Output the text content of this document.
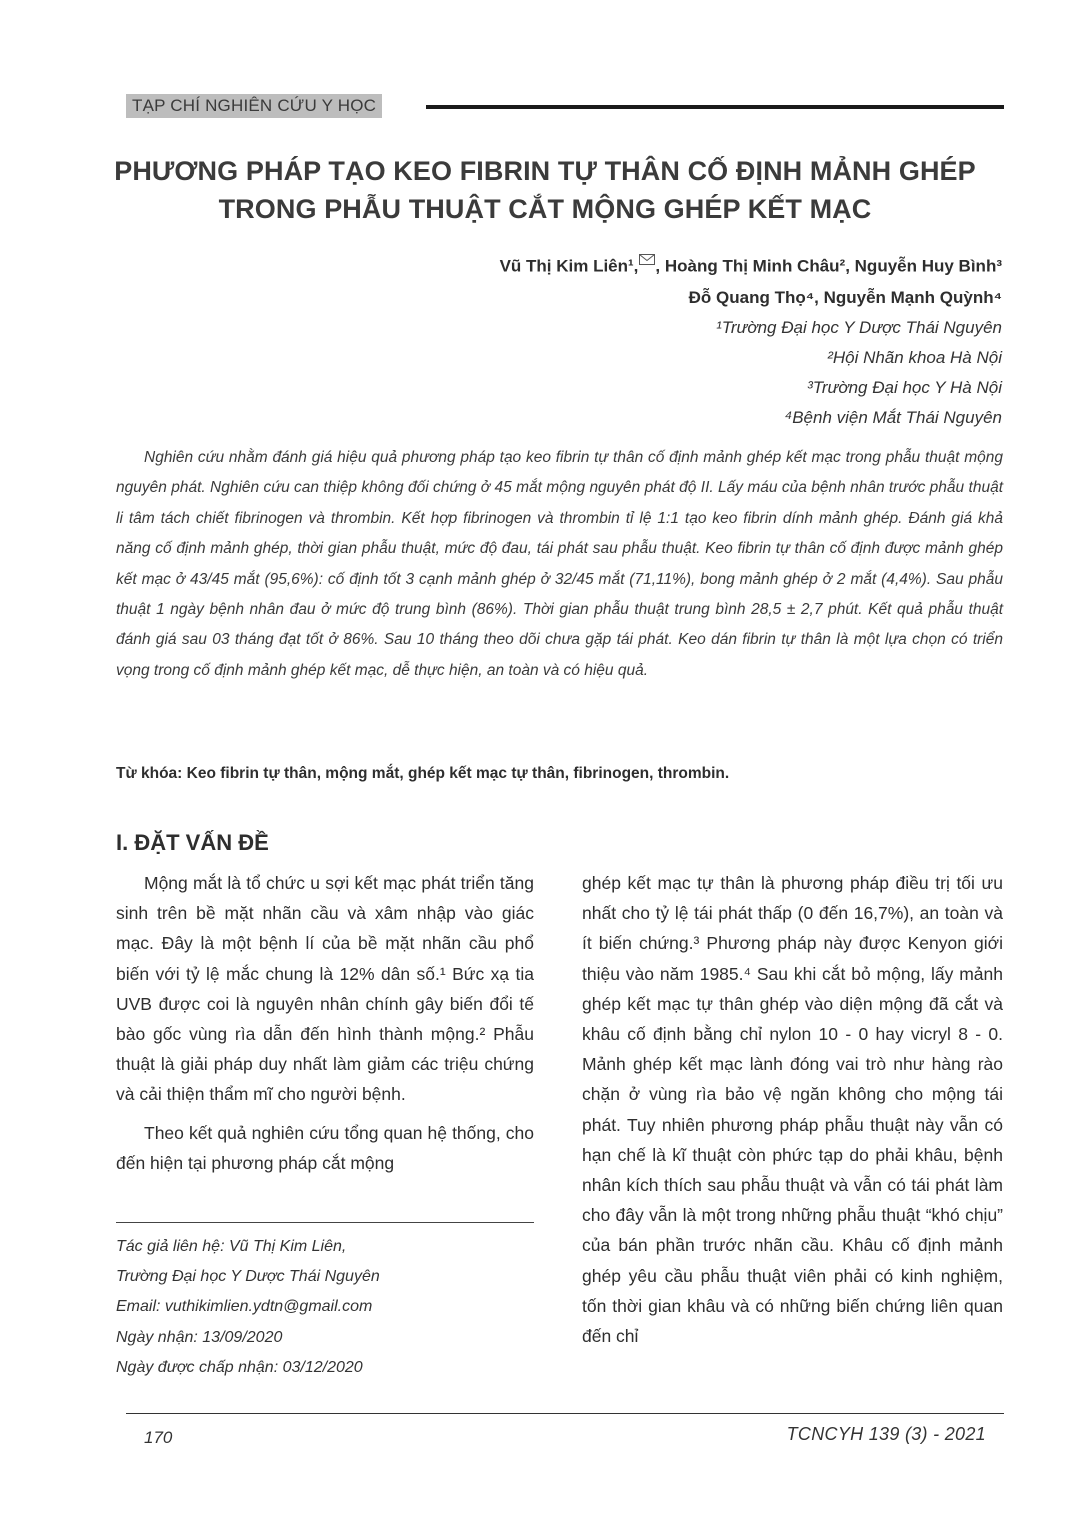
TẠP CHÍ NGHIÊN CỨU Y HỌC
PHƯƠNG PHÁP TẠO KEO FIBRIN TỰ THÂN CỐ ĐỊNH MẢNH GHÉP
TRONG PHẪU THUẬT CẮT MỘNG GHÉP KẾT MẠC
Vũ Thị Kim Liên¹, , Hoàng Thị Minh Châu², Nguyễn Huy Bình³
Đỗ Quang Thọ⁴, Nguyễn Mạnh Quỳnh⁴
¹Trường Đại học Y Dược Thái Nguyên
²Hội Nhãn khoa Hà Nội
³Trường Đại học Y Hà Nội
⁴Bệnh viện Mắt Thái Nguyên

Nghiên cứu nhằm đánh giá hiệu quả phương pháp tạo keo fibrin tự thân cố định mảnh ghép kết mạc trong phẫu thuật mộng nguyên phát. Nghiên cứu can thiệp không đối chứng ở 45 mắt mộng nguyên phát độ II. Lấy máu của bệnh nhân trước phẫu thuật li tâm tách chiết fibrinogen và thrombin. Kết hợp fibrinogen và thrombin tỉ lệ 1:1 tạo keo fibrin dính mảnh ghép. Đánh giá khả năng cố định mảnh ghép, thời gian phẫu thuật, mức độ đau, tái phát sau phẫu thuật. Keo fibrin tự thân cố định được mảnh ghép kết mạc ở 43/45 mắt (95,6%): cố định tốt 3 cạnh mảnh ghép ở 32/45 mắt (71,11%), bong mảnh ghép ở 2 mắt (4,4%). Sau phẫu thuật 1 ngày bệnh nhân đau ở mức độ trung bình (86%). Thời gian phẫu thuật trung bình 28,5 ± 2,7 phút. Kết quả phẫu thuật đánh giá sau 03 tháng đạt tốt ở 86%. Sau 10 tháng theo dõi chưa gặp tái phát. Keo dán fibrin tự thân là một lựa chọn có triển vọng trong cố định mảnh ghép kết mạc, dễ thực hiện, an toàn và có hiệu quả.

Từ khóa: Keo fibrin tự thân, mộng mắt, ghép kết mạc tự thân, fibrinogen, thrombin.
I. ĐẶT VẤN ĐỀ

Mộng mắt là tổ chức u sợi kết mạc phát triển tăng sinh trên bề mặt nhãn cầu và xâm nhập vào giác mạc. Đây là một bệnh lí của bề mặt nhãn cầu phổ biến với tỷ lệ mắc chung là 12% dân số.¹ Bức xạ tia UVB được coi là nguyên nhân chính gây biến đổi tế bào gốc vùng rìa dẫn đến hình thành mộng.² Phẫu thuật là giải pháp duy nhất làm giảm các triệu chứng và cải thiện thẩm mĩ cho người bệnh.

Theo kết quả nghiên cứu tổng quan hệ thống, cho đến hiện tại phương pháp cắt mộng

ghép kết mạc tự thân là phương pháp điều trị tối ưu nhất cho tỷ lệ tái phát thấp (0 đến 16,7%), an toàn và ít biến chứng.³ Phương pháp này được Kenyon giới thiệu vào năm 1985.⁴ Sau khi cắt bỏ mộng, lấy mảnh ghép kết mạc tự thân ghép vào diện mộng đã cắt và khâu cố định bằng chỉ nylon 10 - 0 hay vicryl 8 - 0. Mảnh ghép kết mạc lành đóng vai trò như hàng rào chặn ở vùng rìa bảo vệ ngăn không cho mộng tái phát. Tuy nhiên phương pháp phẫu thuật này vẫn có hạn chế là kĩ thuật còn phức tạp do phải khâu, bệnh nhân kích thích sau phẫu thuật và vẫn có tái phát làm cho đây vẫn là một trong những phẫu thuật “khó chịu” của bán phần trước nhãn cầu. Khâu cố định mảnh ghép yêu cầu phẫu thuật viên phải có kinh nghiệm, tốn thời gian khâu và có những biến chứng liên quan đến chỉ

Tác giả liên hệ: Vũ Thị Kim Liên,
Trường Đại học Y Dược Thái Nguyên
Email: vuthikimlien.ydtn@gmail.com
Ngày nhận: 13/09/2020
Ngày được chấp nhận: 03/12/2020
170	TCNCYH 139 (3) - 2021
